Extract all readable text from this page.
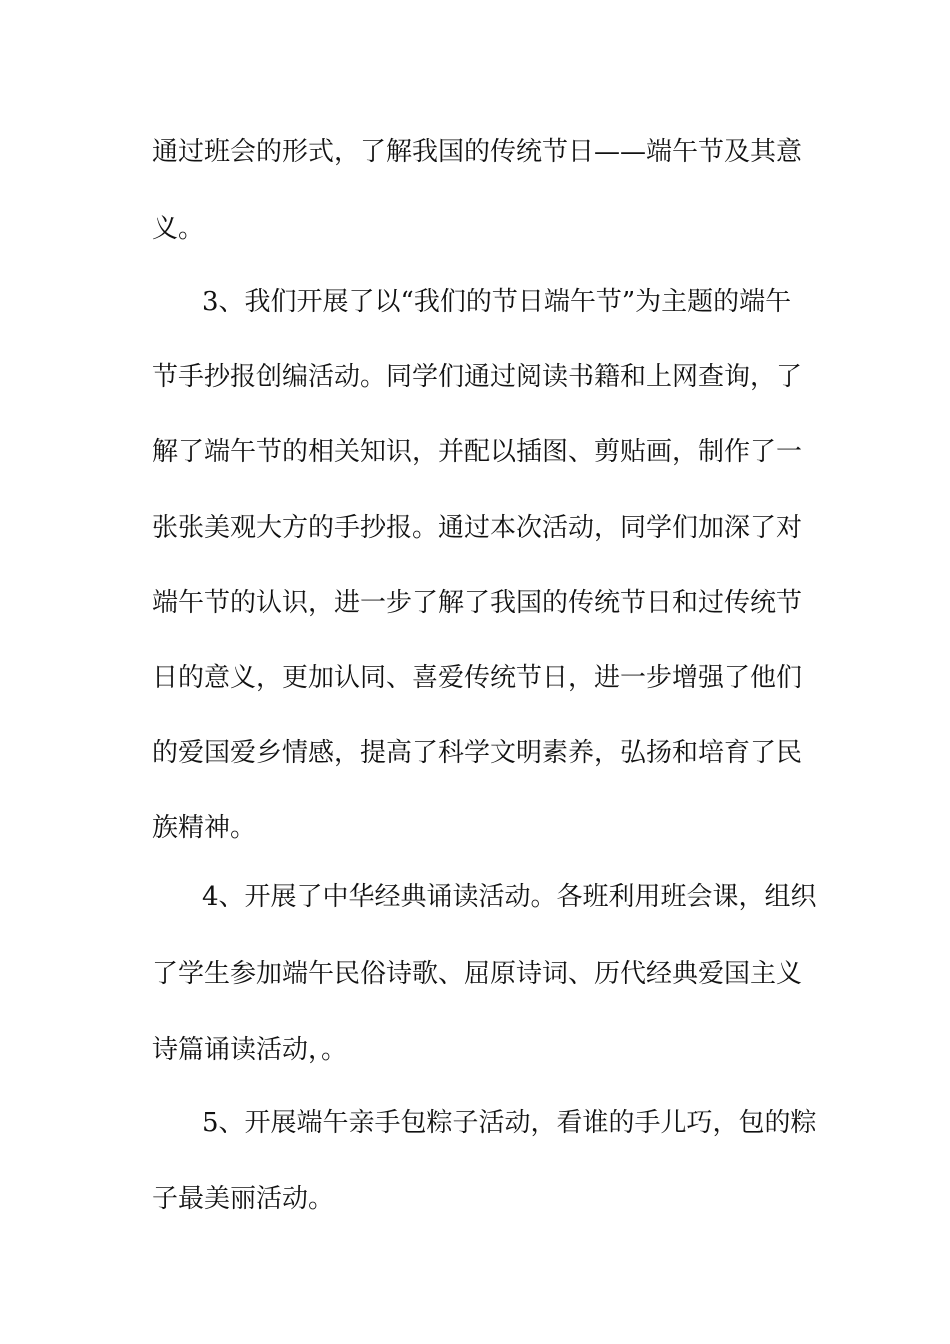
通过班会的形式，了解我国的传统节日——端午节及其意
义。
3、我们开展了以“我们的节日端午节”为主题的端午
节手抄报创编活动。同学们通过阅读书籍和上网查询，了
解了端午节的相关知识，并配以插图、剪贴画，制作了一
张张美观大方的手抄报。通过本次活动，同学们加深了对
端午节的认识，进一步了解了我国的传统节日和过传统节
日的意义，更加认同、喜爱传统节日，进一步增强了他们
的爱国爱乡情感，提高了科学文明素养，弘扬和培育了民
族精神。
4、开展了中华经典诵读活动。各班利用班会课，组织
了学生参加端午民俗诗歌、屈原诗词、历代经典爱国主义
诗篇诵读活动，。
5、开展端午亲手包粽子活动，看谁的手儿巧，包的粽
子最美丽活动。
